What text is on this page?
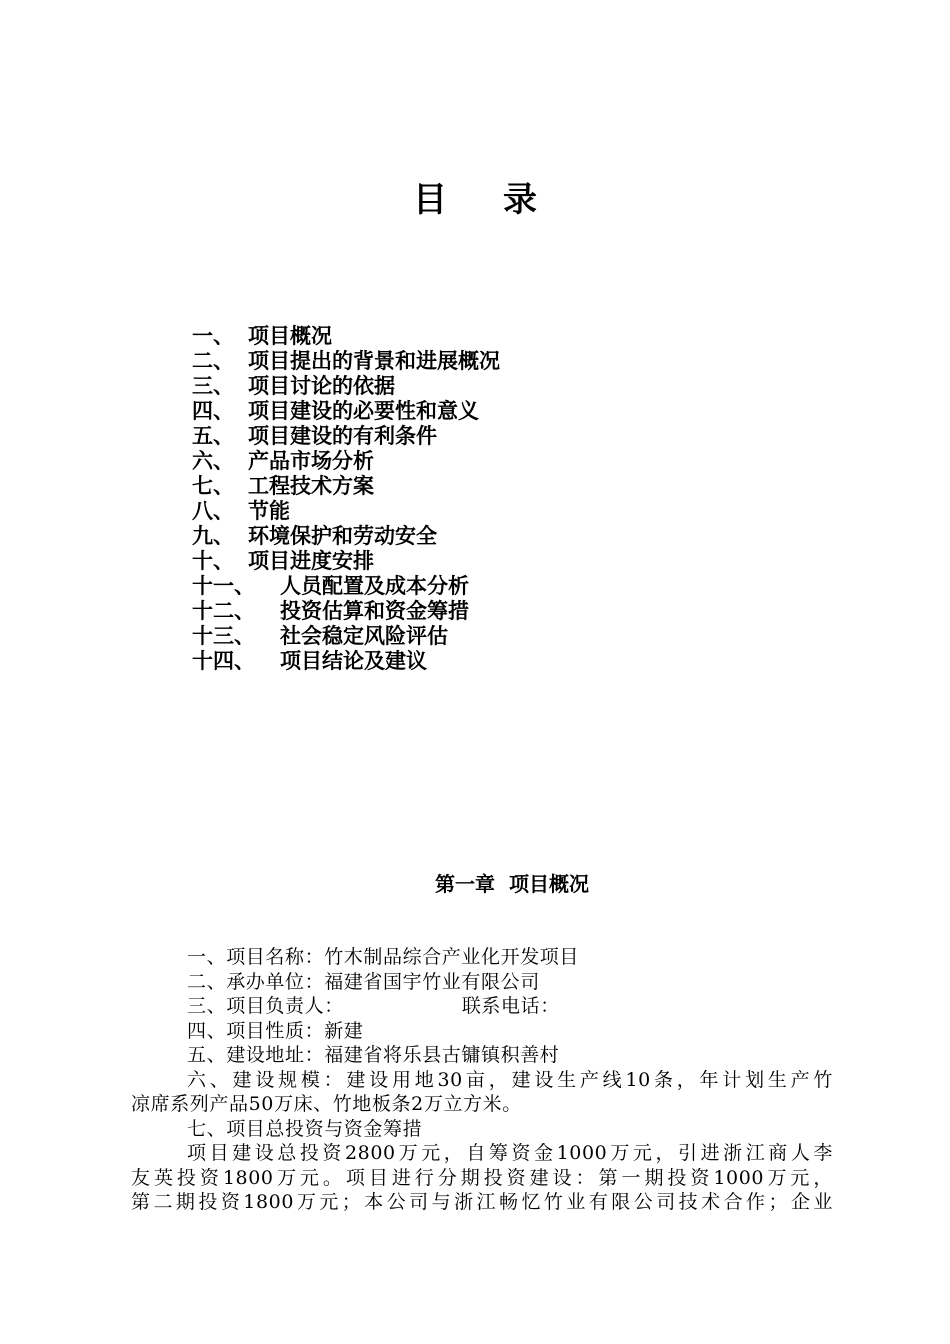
目 录
一、 项目概况
二、 项目提出的背景和进展概况
三、 项目讨论的依据
四、 项目建设的必要性和意义
五、 项目建设的有利条件
六、 产品市场分析
七、 工程技术方案
八、 节能
九、 环境保护和劳动安全
十、 项目进度安排
十一、	人员配置及成本分析
十二、	投资估算和资金筹措
十三、	社会稳定风险评估
十四、	项目结论及建议
第一章 项目概况

一、项目名称：竹木制品综合产业化开发项目

二、承办单位：福建省国宇竹业有限公司

三、项目负责人：	联系电话：

四、项目性质：新建

五、建设地址：福建省将乐县古镛镇积善村

六、建设规模：建设用地30亩，建设生产线10条，年计划生产竹

凉席系列产品50万床、竹地板条2万立方米。

七、项目总投资与资金筹措

项目建设总投资2800万元，自筹资金1000万元，引进浙江商人李

友英投资1800万元。项目进行分期投资建设：第一期投资1000万元，

第二期投资1800万元；本公司与浙江畅忆竹业有限公司技术合作；企业
